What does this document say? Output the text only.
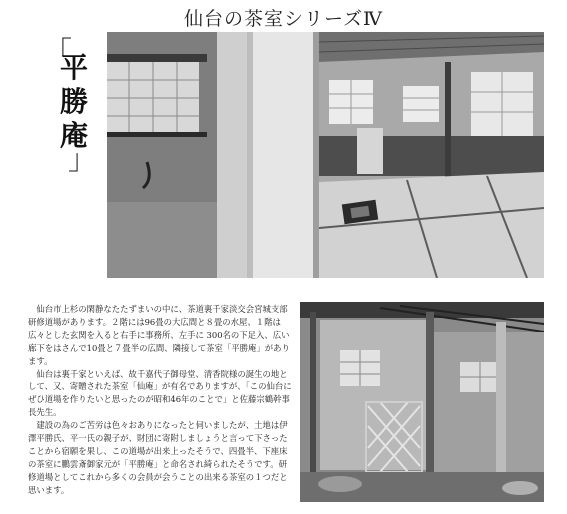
仙台の茶室シリーズⅣ
「
平
勝
庵
」

仙台市上杉の閑静なたたずまいの中に、茶道裏千家淡交会宮城支部研修道場があります。２階には96畳の大広間と８畳の水屋、１階は広々とした玄関を入ると右手に事務所、左手に 300名の下足入、広い廊下をはさんで10畳と７畳半の広間、隣接して茶室「平勝庵」があります。

仙台は裏千家といえば、故千嘉代子御母堂、清香院様の誕生の地として、又、寄贈された茶室「仙庵」が有名でありますが、「この仙台にぜひ道場を作りたいと思ったのが昭和46年のことで」と佐藤宗鶴幹事長先生。

建設の為のご苦労は色々おありになったと伺いましたが、土地は伊澤平勝氏、平一氏の親子が、財団に寄附しましょうと言って下さったことから宿願を果し、この道場が出来上ったそうで、四畳半、下座床の茶室に鵬雲斎御家元が「平勝庵」と命名され綺られたそうです。研修道場としてこれから多くの会員が会うことの出来る茶室の１つだと思います。
